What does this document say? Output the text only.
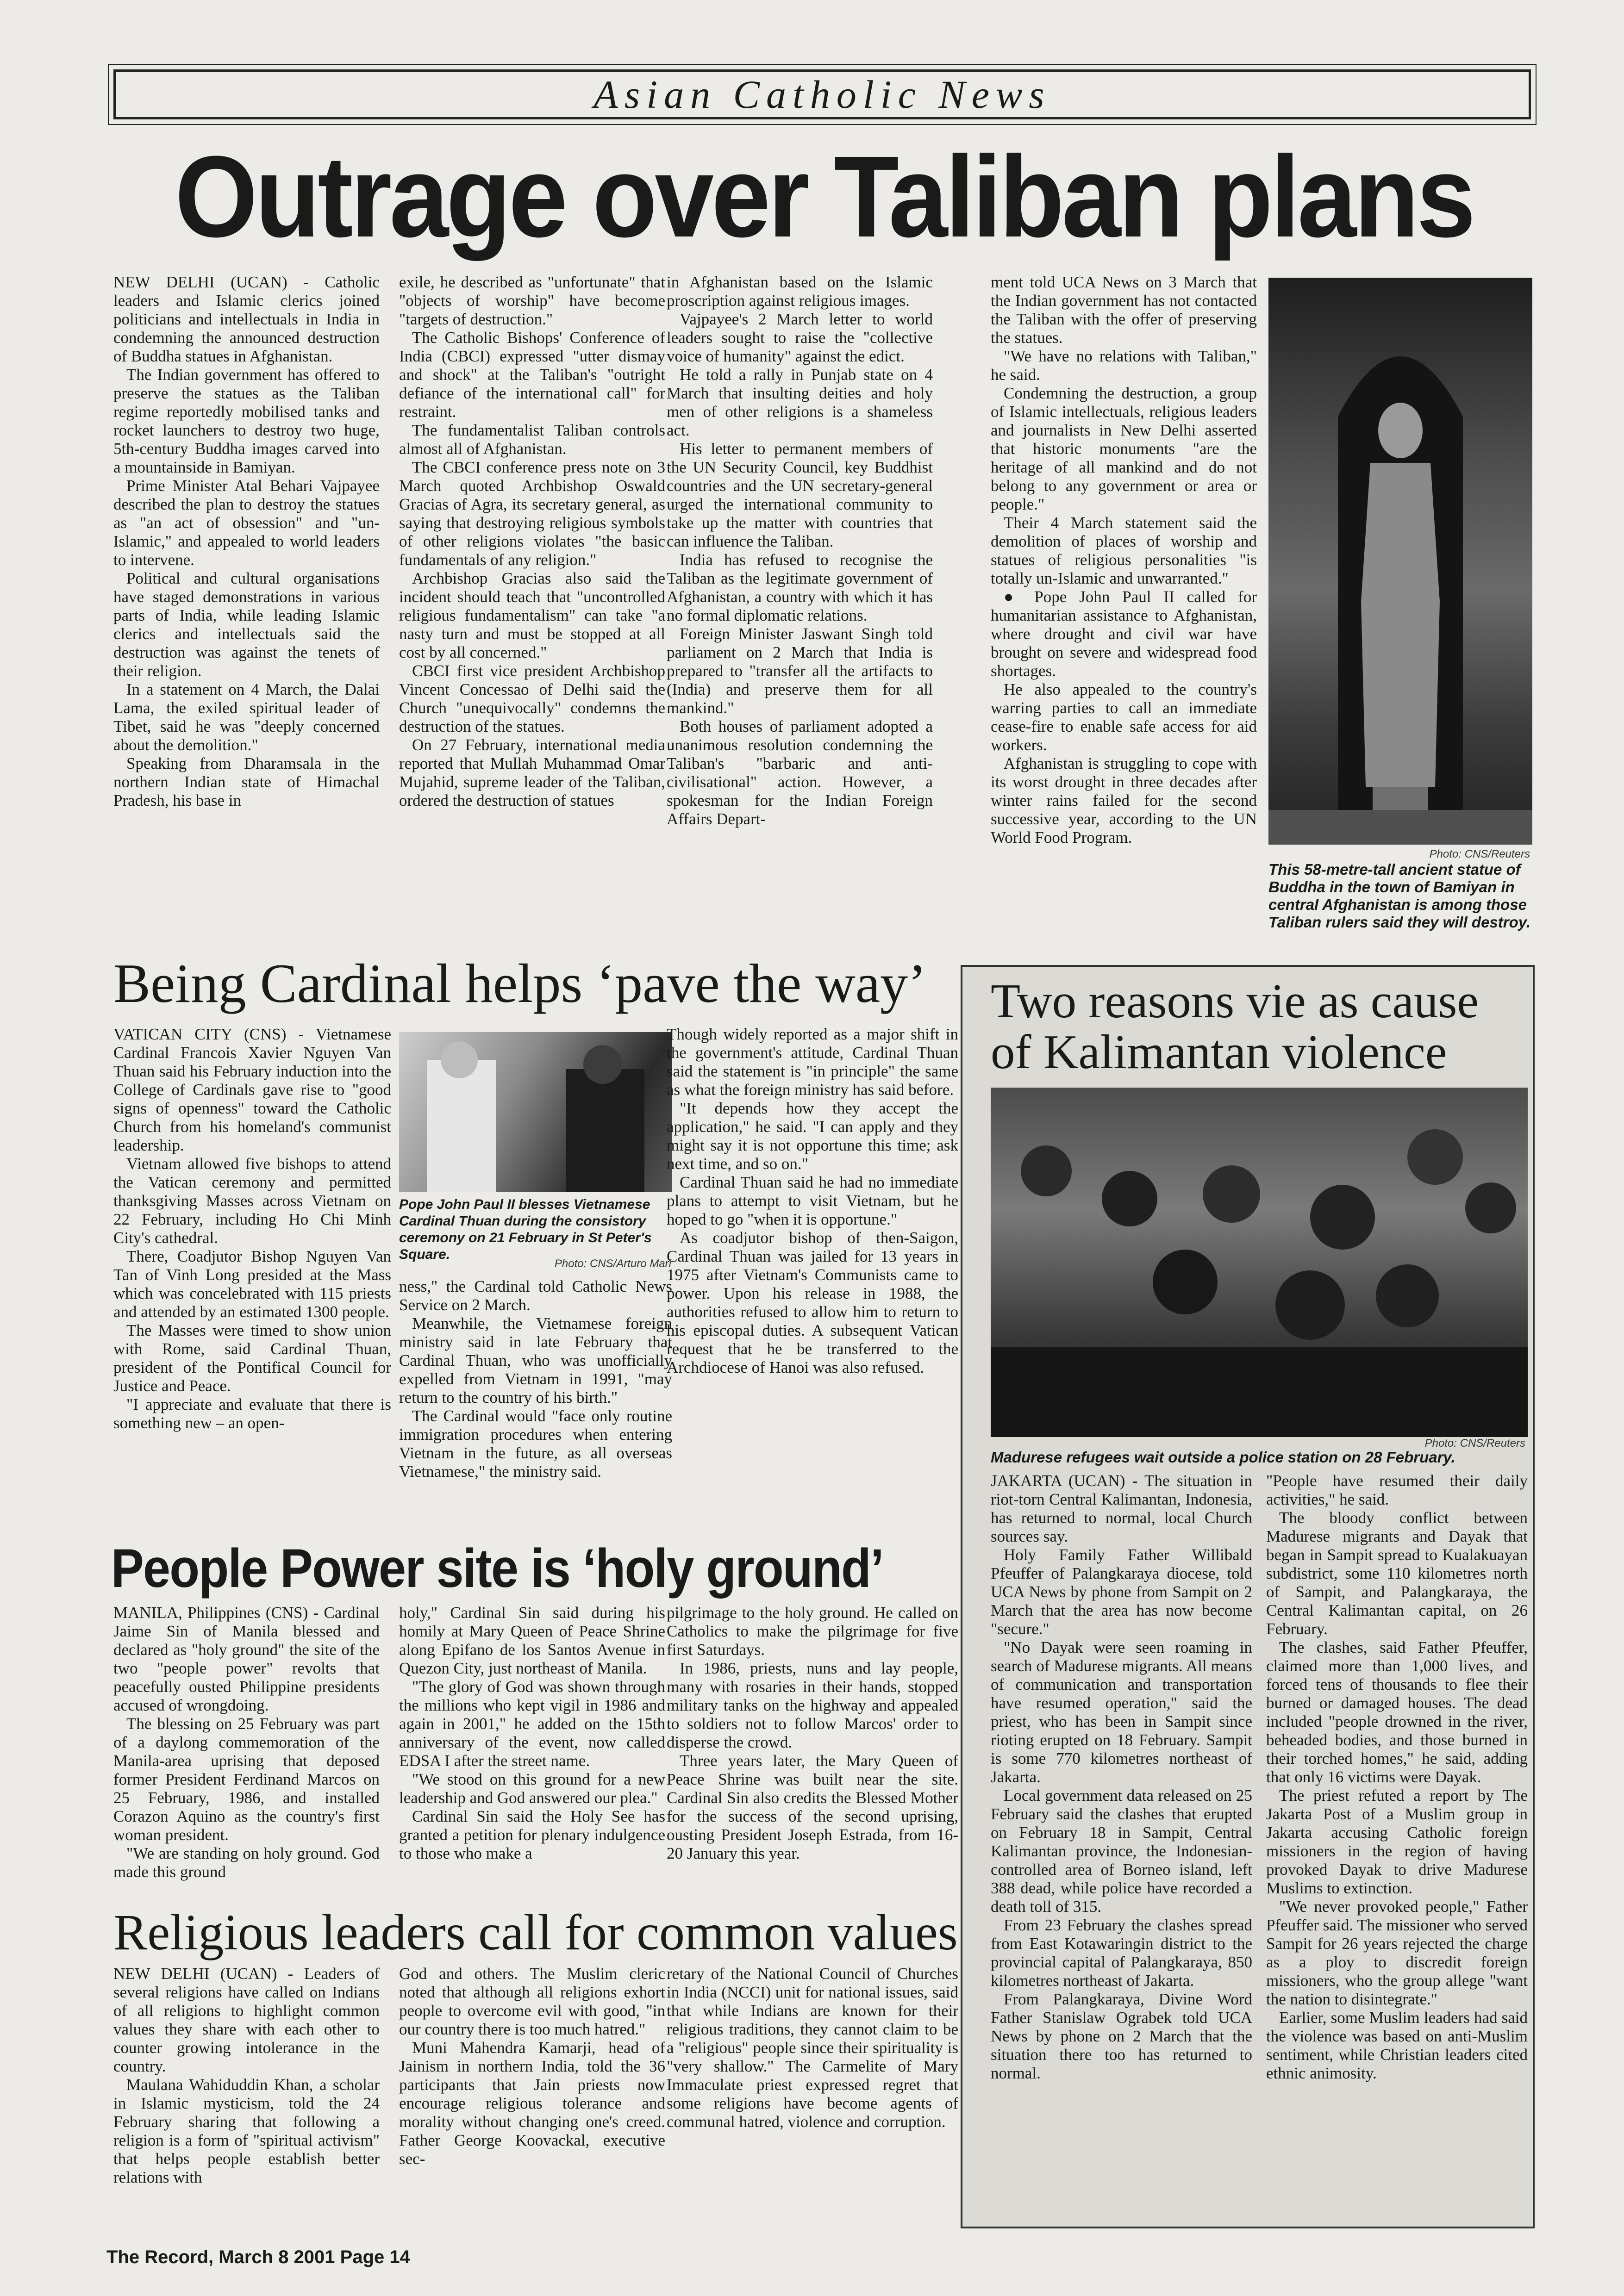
Asian Catholic News
Outrage over Taliban plans

NEW DELHI (UCAN) - Catholic leaders and Islamic clerics joined politicians and intellectuals in India in condemning the announced destruction of Buddha statues in Afghanistan.

The Indian government has offered to preserve the statues as the Taliban regime reportedly mobilised tanks and rocket launchers to destroy two huge, 5th-century Buddha images carved into a mountainside in Bamiyan.

Prime Minister Atal Behari Vajpayee described the plan to destroy the statues as "an act of obsession" and "un-Islamic," and appealed to world leaders to intervene.

Political and cultural organisations have staged demonstrations in various parts of India, while leading Islamic clerics and intellectuals said the destruction was against the tenets of their religion.

In a statement on 4 March, the Dalai Lama, the exiled spiritual leader of Tibet, said he was "deeply concerned about the demolition."

Speaking from Dharamsala in the northern Indian state of Himachal Pradesh, his base in

exile, he described as "unfortunate" that "objects of worship" have become "targets of destruction."

The Catholic Bishops' Conference of India (CBCI) expressed "utter dismay and shock" at the Taliban's "outright defiance of the international call" for restraint.

The fundamentalist Taliban controls almost all of Afghanistan.

The CBCI conference press note on 3 March quoted Archbishop Oswald Gracias of Agra, its secretary general, as saying that destroying religious symbols of other religions violates "the basic fundamentals of any religion."

Archbishop Gracias also said the incident should teach that "uncontrolled religious fundamentalism" can take "a nasty turn and must be stopped at all cost by all concerned."

CBCI first vice president Archbishop Vincent Concessao of Delhi said the Church "unequivocally" condemns the destruction of the statues.

On 27 February, international media reported that Mullah Muhammad Omar Mujahid, supreme leader of the Taliban, ordered the destruction of statues

in Afghanistan based on the Islamic proscription against religious images.

Vajpayee's 2 March letter to world leaders sought to raise the "collective voice of humanity" against the edict.

He told a rally in Punjab state on 4 March that insulting deities and holy men of other religions is a shameless act.

His letter to permanent members of the UN Security Council, key Buddhist countries and the UN secretary-general urged the international community to take up the matter with countries that can influence the Taliban.

India has refused to recognise the Taliban as the legitimate government of Afghanistan, a country with which it has no formal diplomatic relations.

Foreign Minister Jaswant Singh told parliament on 2 March that India is prepared to "transfer all the artifacts to (India) and preserve them for all mankind."

Both houses of parliament adopted a unanimous resolution condemning the Taliban's "barbaric and anti-civilisational" action. However, a spokesman for the Indian Foreign Affairs Depart-

ment told UCA News on 3 March that the Indian government has not contacted the Taliban with the offer of preserving the statues.

"We have no relations with Taliban," he said.

Condemning the destruction, a group of Islamic intellectuals, religious leaders and journalists in New Delhi asserted that historic monuments "are the heritage of all mankind and do not belong to any government or area or people."

Their 4 March statement said the demolition of places of worship and statues of religious personalities "is totally un-Islamic and unwarranted."

● Pope John Paul II called for humanitarian assistance to Afghanistan, where drought and civil war have brought on severe and widespread food shortages.

He also appealed to the country's warring parties to call an immediate cease-fire to enable safe access for aid workers.

Afghanistan is struggling to cope with its worst drought in three decades after winter rains failed for the second successive year, according to the UN World Food Program.

Photo: CNS/Reuters
This 58-metre-tall ancient statue of Buddha in the town of Bamiyan in central Afghanistan is among those Taliban rulers said they will destroy.
Being Cardinal helps ‘pave the way’

VATICAN CITY (CNS) - Vietnamese Cardinal Francois Xavier Nguyen Van Thuan said his February induction into the College of Cardinals gave rise to "good signs of openness" toward the Catholic Church from his homeland's communist leadership.

Vietnam allowed five bishops to attend the Vatican ceremony and permitted thanksgiving Masses across Vietnam on 22 February, including Ho Chi Minh City's cathedral.

There, Coadjutor Bishop Nguyen Van Tan of Vinh Long presided at the Mass which was concelebrated with 115 priests and attended by an estimated 1300 people.

The Masses were timed to show union with Rome, said Cardinal Thuan, president of the Pontifical Council for Justice and Peace.

"I appreciate and evaluate that there is something new – an open-

Pope John Paul II blesses Vietnamese Cardinal Thuan during the consistory ceremony on 21 February in St Peter's Square.
Photo: CNS/Arturo Mari

ness," the Cardinal told Catholic News Service on 2 March.

Meanwhile, the Vietnamese foreign ministry said in late February that Cardinal Thuan, who was unofficially expelled from Vietnam in 1991, "may return to the country of his birth."

The Cardinal would "face only routine immigration procedures when entering Vietnam in the future, as all overseas Vietnamese," the ministry said.

Though widely reported as a major shift in the government's attitude, Cardinal Thuan said the statement is "in principle" the same as what the foreign ministry has said before.

"It depends how they accept the application," he said. "I can apply and they might say it is not opportune this time; ask next time, and so on."

Cardinal Thuan said he had no immediate plans to attempt to visit Vietnam, but he hoped to go "when it is opportune."

As coadjutor bishop of then-Saigon, Cardinal Thuan was jailed for 13 years in 1975 after Vietnam's Communists came to power. Upon his release in 1988, the authorities refused to allow him to return to his episcopal duties. A subsequent Vatican request that he be transferred to the Archdiocese of Hanoi was also refused.

Two reasons vie as cause
of Kalimantan violence
Photo: CNS/Reuters
Madurese refugees wait outside a police station on 28 February.

JAKARTA (UCAN) - The situation in riot-torn Central Kalimantan, Indonesia, has returned to normal, local Church sources say.

Holy Family Father Willibald Pfeuffer of Palangkaraya diocese, told UCA News by phone from Sampit on 2 March that the area has now become "secure."

"No Dayak were seen roaming in search of Madurese migrants. All means of communication and transportation have resumed operation," said the priest, who has been in Sampit since rioting erupted on 18 February. Sampit is some 770 kilometres northeast of Jakarta.

Local government data released on 25 February said the clashes that erupted on February 18 in Sampit, Central Kalimantan province, the Indonesian-controlled area of Borneo island, left 388 dead, while police have recorded a death toll of 315.

From 23 February the clashes spread from East Kotawaringin district to the provincial capital of Palangkaraya, 850 kilometres northeast of Jakarta.

From Palangkaraya, Divine Word Father Stanislaw Ograbek told UCA News by phone on 2 March that the situation there too has returned to normal.

"People have resumed their daily activities," he said.

The bloody conflict between Madurese migrants and Dayak that began in Sampit spread to Kualakuayan subdistrict, some 110 kilometres north of Sampit, and Palangkaraya, the Central Kalimantan capital, on 26 February.

The clashes, said Father Pfeuffer, claimed more than 1,000 lives, and forced tens of thousands to flee their burned or damaged houses. The dead included "people drowned in the river, beheaded bodies, and those burned in their torched homes," he said, adding that only 16 victims were Dayak.

The priest refuted a report by The Jakarta Post of a Muslim group in Jakarta accusing Catholic foreign missioners in the region of having provoked Dayak to drive Madurese Muslims to extinction.

"We never provoked people," Father Pfeuffer said. The missioner who served Sampit for 26 years rejected the charge as a ploy to discredit foreign missioners, who the group allege "want the nation to disintegrate."

Earlier, some Muslim leaders had said the violence was based on anti-Muslim sentiment, while Christian leaders cited ethnic animosity.

People Power site is ‘holy ground’

MANILA, Philippines (CNS) - Cardinal Jaime Sin of Manila blessed and declared as "holy ground" the site of the two "people power" revolts that peacefully ousted Philippine presidents accused of wrongdoing.

The blessing on 25 February was part of a daylong commemoration of the Manila-area uprising that deposed former President Ferdinand Marcos on 25 February, 1986, and installed Corazon Aquino as the country's first woman president.

"We are standing on holy ground. God made this ground

holy," Cardinal Sin said during his homily at Mary Queen of Peace Shrine along Epifano de los Santos Avenue in Quezon City, just northeast of Manila.

"The glory of God was shown through the millions who kept vigil in 1986 and again in 2001," he added on the 15th anniversary of the event, now called EDSA I after the street name.

"We stood on this ground for a new leadership and God answered our plea."

Cardinal Sin said the Holy See has granted a petition for plenary indulgence to those who make a

pilgrimage to the holy ground. He called on Catholics to make the pilgrimage for five first Saturdays.

In 1986, priests, nuns and lay people, many with rosaries in their hands, stopped military tanks on the highway and appealed to soldiers not to follow Marcos' order to disperse the crowd.

Three years later, the Mary Queen of Peace Shrine was built near the site. Cardinal Sin also credits the Blessed Mother for the success of the second uprising, ousting President Joseph Estrada, from 16-20 January this year.

Religious leaders call for common values

NEW DELHI (UCAN) - Leaders of several religions have called on Indians of all religions to highlight common values they share with each other to counter growing intolerance in the country.

Maulana Wahiduddin Khan, a scholar in Islamic mysticism, told the 24 February sharing that following a religion is a form of "spiritual activism" that helps people establish better relations with

God and others. The Muslim cleric noted that although all religions exhort people to overcome evil with good, "in our country there is too much hatred."

Muni Mahendra Kamarji, head of Jainism in northern India, told the 36 participants that Jain priests now encourage religious tolerance and morality without changing one's creed. Father George Koovackal, executive sec-

retary of the National Council of Churches in India (NCCI) unit for national issues, said that while Indians are known for their religious traditions, they cannot claim to be a "religious" people since their spirituality is "very shallow." The Carmelite of Mary Immaculate priest expressed regret that some religions have become agents of communal hatred, violence and corruption.

The Record, March 8 2001 Page 14
